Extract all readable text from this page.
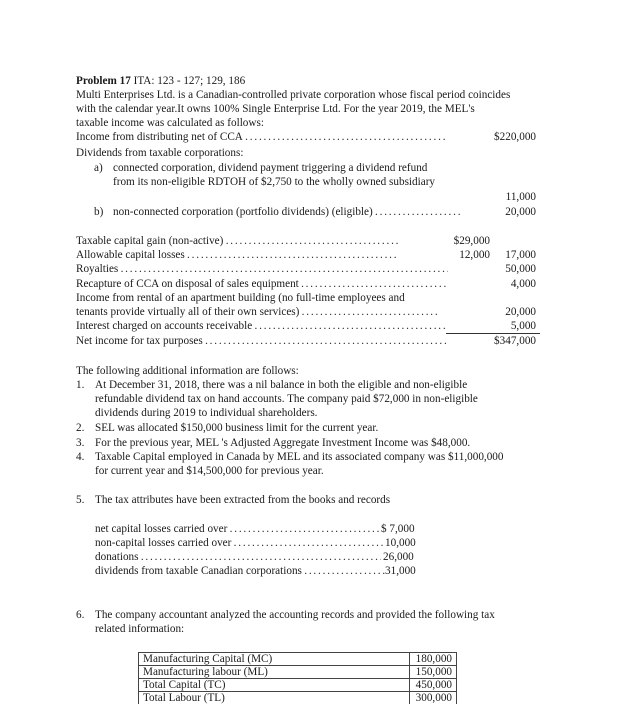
Problem 17 ITA: 123 - 127; 129, 186
Multi Enterprises Ltd. is a Canadian-controlled private corporation whose fiscal period coincides
with the calendar year.It owns 100% Single Enterprise Ltd. For the year 2019, the MEL's
taxable income was calculated as follows:
Income from distributing net of CCA . . .	$220,000
Dividends from taxable corporations:
a) connected corporation, dividend payment triggering a dividend refund
from its non-eligible RDTOH of $2,750 to the wholly owned subsidiary
11,000
b) non-connected corporation (portfolio dividends) (eligible) . . .	20,000
Taxable capital gain (non-active) . . .	$29,000
Allowable capital losses . . .	12,000	17,000
Royalties . . .	50,000
Recapture of CCA on disposal of sales equipment . . .	4,000
Income from rental of an apartment building (no full-time employees and
tenants provide virtually all of their own services) . . .	20,000
Interest charged on accounts receivable . . .	5,000
Net income for tax purposes . . .	$347,000
The following additional information are follows:
1. At December 31, 2018, there was a nil balance in both the eligible and non-eligible
refundable dividend tax on hand accounts. The company paid $72,000 in non-eligible
dividends during 2019 to individual shareholders.
2. SEL was allocated $150,000 business limit for the current year.
3. For the previous year, MEL 's Adjusted Aggregate Investment Income was $48,000.
4. Taxable Capital employed in Canada by MEL and its associated company was $11,000,000
for current year and $14,500,000 for previous year.
5. The tax attributes have been extracted from the books and records
net capital losses carried over . . .	$ 7,000
non-capital losses carried over . . .	10,000
donations . . .	26,000
dividends from taxable Canadian corporations . . .	31,000
6. The company accountant analyzed the accounting records and provided the following tax
related information:
Manufacturing Capital (MC)	180,000
Manufacturing labour (ML)	150,000
Total Capital (TC)	450,000
Total Labour (TL)	300,000
